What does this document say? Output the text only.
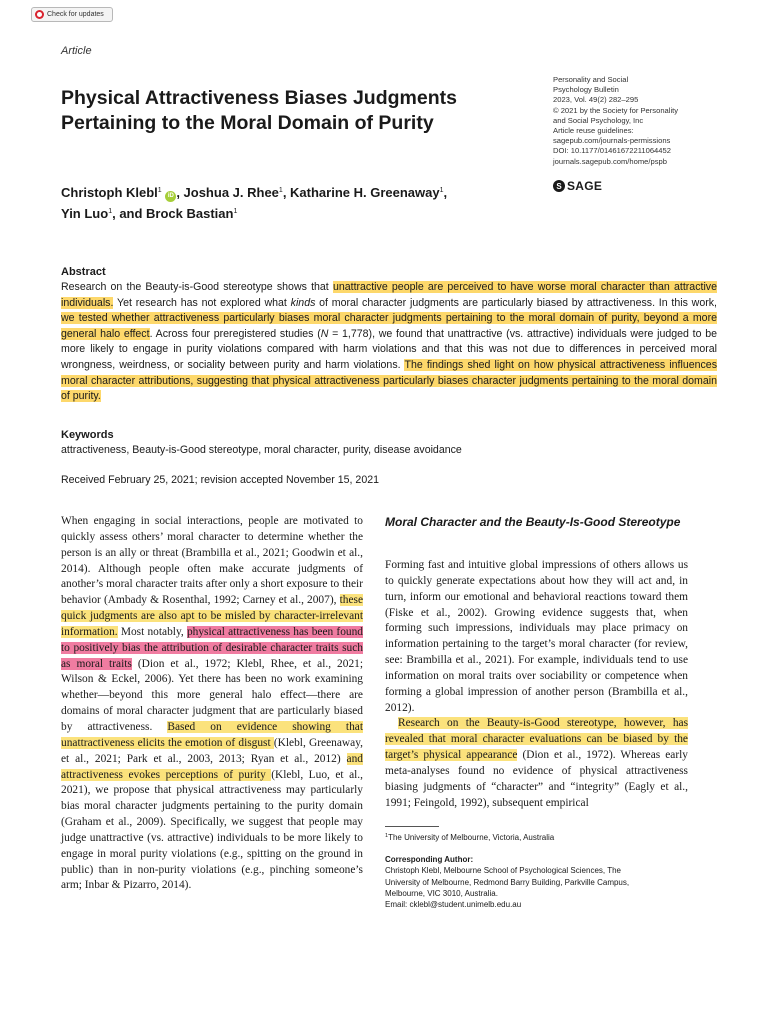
Check for updates
Article
Physical Attractiveness Biases Judgments Pertaining to the Moral Domain of Purity
Personality and Social
Psychology Bulletin
2023, Vol. 49(2) 282–295
© 2021 by the Society for Personality
and Social Psychology, Inc
Article reuse guidelines:
sagepub.com/journals-permissions
DOI: 10.1177/01461672211064452
journals.sagepub.com/home/pspb
S SAGE
Christoph Klebl$^1$ iD , Joshua J. Rhee$^1$, Katharine H. Greenaway$^1$,
Yin Luo$^1$, and Brock Bastian$^1$
Abstract

Research on the Beauty-is-Good stereotype shows that unattractive people are perceived to have worse moral character than attractive individuals. Yet research has not explored what kinds of moral character judgments are particularly biased by attractiveness. In this work, we tested whether attractiveness particularly biases moral character judgments pertaining to the moral domain of purity, beyond a more general halo effect. Across four preregistered studies (N = 1,778), we found that unattractive (vs. attractive) individuals were judged to be more likely to engage in purity violations compared with harm violations and that this was not due to differences in perceived moral wrongness, weirdness, or sociality between purity and harm violations. The findings shed light on how physical attractiveness influences moral character attributions, suggesting that physical attractiveness particularly biases character judgments pertaining to the moral domain of purity.

Keywords
attractiveness, Beauty-is-Good stereotype, moral character, purity, disease avoidance
Received February 25, 2021; revision accepted November 15, 2021

When engaging in social interactions, people are motivated to quickly assess others’ moral character to determine whether the person is an ally or threat (Brambilla et al., 2021; Goodwin et al., 2014). Although people often make accurate judgments of another’s moral character traits after only a short exposure to their behavior (Ambady & Rosenthal, 1992; Carney et al., 2007), these quick judgments are also apt to be misled by character-irrelevant information. Most notably, physical attractiveness has been found to positively bias the attribution of desirable character traits such as moral traits (Dion et al., 1972; Klebl, Rhee, et al., 2021; Wilson & Eckel, 2006). Yet there has been no work examining whether—beyond this more general halo effect—there are domains of moral character judgment that are particularly biased by attractiveness. Based on evidence showing that unattractiveness elicits the emotion of disgust (Klebl, Greenaway, et al., 2021; Park et al., 2003, 2013; Ryan et al., 2012) and attractiveness evokes perceptions of purity (Klebl, Luo, et al., 2021), we propose that physical attractiveness may particularly bias moral character judgments pertaining to the purity domain (Graham et al., 2009). Specifically, we suggest that people may judge unattractive (vs. attractive) individuals to be more likely to engage in moral purity violations (e.g., spitting on the ground in public) than in non-purity violations (e.g., pinching someone’s arm; Inbar & Pizarro, 2014).

Moral Character and the Beauty-Is-Good Stereotype

Forming fast and intuitive global impressions of others allows us to quickly generate expectations about how they will act and, in turn, inform our emotional and behavioral reactions toward them (Fiske et al., 2002). Growing evidence suggests that, when forming such impressions, individuals may place primacy on information pertaining to the target’s moral character (for review, see: Brambilla et al., 2021). For example, individuals tend to use information on moral traits over sociability or competence when forming a global impression of another person (Brambilla et al., 2012).

Research on the Beauty-is-Good stereotype, however, has revealed that moral character evaluations can be biased by the target’s physical appearance (Dion et al., 1972). Whereas early meta-analyses found no evidence of physical attractiveness biasing judgments of “character” and “integrity” (Eagly et al., 1991; Feingold, 1992), subsequent empirical

$^1$The University of Melbourne, Victoria, Australia
Corresponding Author:
Christoph Klebl, Melbourne School of Psychological Sciences, The
University of Melbourne, Redmond Barry Building, Parkville Campus,
Melbourne, VIC 3010, Australia.
Email: cklebl@student.unimelb.edu.au
